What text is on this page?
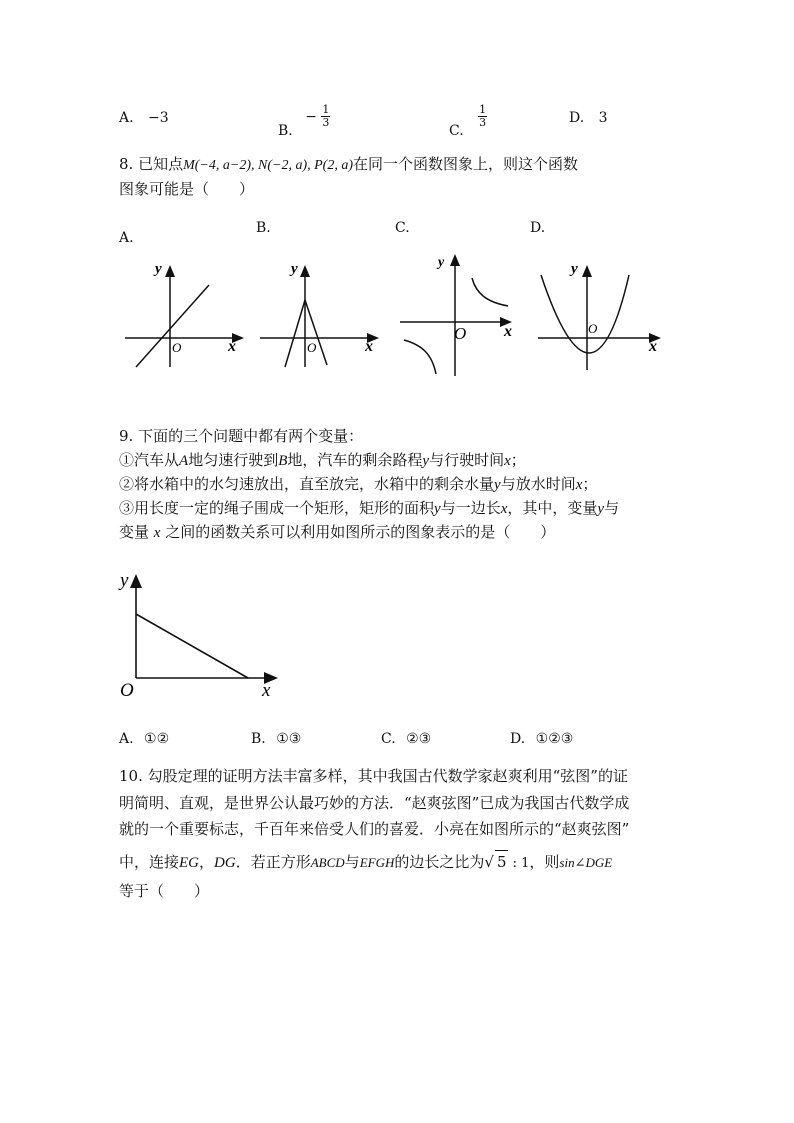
A. −3
B. − $\frac{1}{3}$
C.
$\frac{1}{3}$	D. 3
8. 已知点M(−4, a−2), N(−2, a), P(2, a)在同一个函数图象上，则这个函数
图象可能是（　　）
A.
B.	C.	D.
y
x
O
y
x
O
y
x
O
y
x
O
9. 下面的三个问题中都有两个变量：
①汽车从A地匀速行驶到B地，汽车的剩余路程y与行驶时间x；
②将水箱中的水匀速放出，直至放完，水箱中的剩余水量y与放水时间x；
③用长度一定的绳子围成一个矩形，矩形的面积y与一边长x，其中，变量y与
变量 x 之间的函数关系可以利用如图所示的图象表示的是（　　）
y
x
O
A. ①②	B. ①③	C. ②③	D. ①②③
10. 勾股定理的证明方法丰富多样，其中我国古代数学家赵爽利用“弦图”的证
明简明、直观，是世界公认最巧妙的方法．“赵爽弦图”已成为我国古代数学成
就的一个重要标志，千百年来倍受人们的喜爱．小亮在如图所示的“赵爽弦图”
中，连接EG，DG．若正方形ABCD与EFGH的边长之比为√ 5 : 1，则sin∠DGE
等于（　　）
